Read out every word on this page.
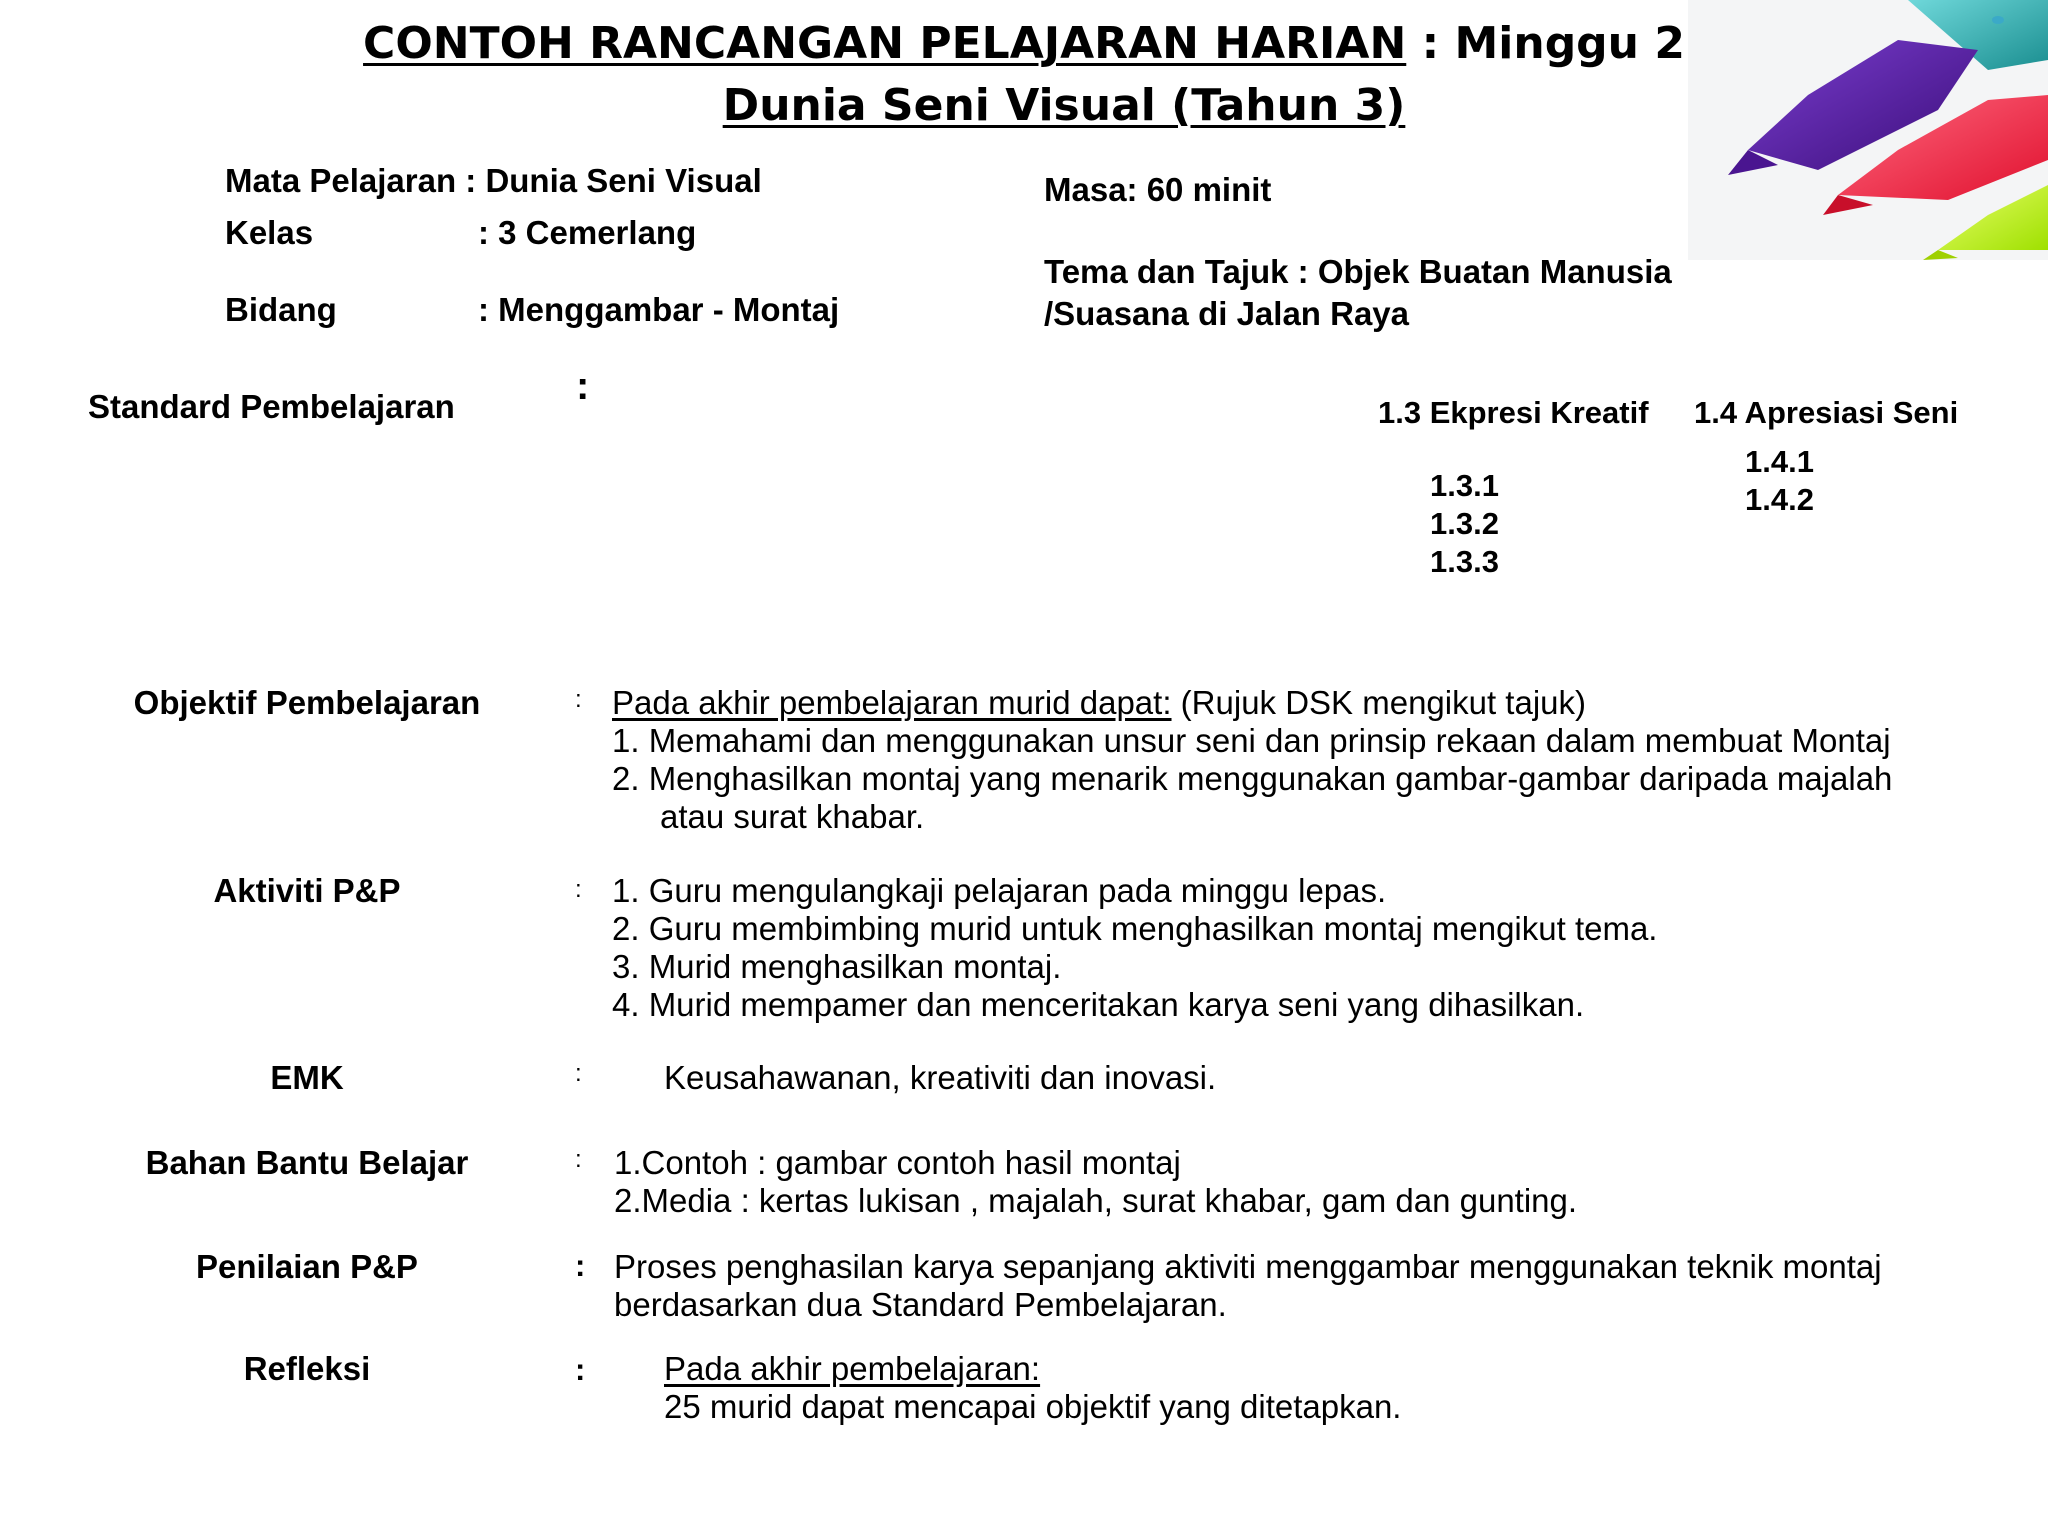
CONTOH RANCANGAN PELAJARAN HARIAN : Minggu 2
Dunia Seni Visual (Tahun 3)
Mata Pelajaran : Dunia Seni Visual
Kelas	: 3 Cemerlang
Bidang	: Menggambar - Montaj
Masa: 60 minit
Tema dan Tajuk : Objek Buatan Manusia
/Suasana di Jalan Raya
Standard Pembelajaran	:
1.3 Ekpresi Kreatif
1.3.1
1.3.2
1.3.3
1.4 Apresiasi Seni
1.4.1
1.4.2
Objektif Pembelajaran	: Pada akhir pembelajaran murid dapat: (Rujuk DSK mengikut tajuk)
1. Memahami dan menggunakan unsur seni dan prinsip rekaan dalam membuat Montaj
2. Menghasilkan montaj yang menarik menggunakan gambar-gambar daripada majalah
atau surat khabar.
Aktiviti P&P	: 1. Guru mengulangkaji pelajaran pada minggu lepas.
2. Guru membimbing murid untuk menghasilkan montaj mengikut tema.
3. Murid menghasilkan montaj.
4. Murid mempamer dan menceritakan karya seni yang dihasilkan.
EMK	: Keusahawanan, kreativiti dan inovasi.
Bahan Bantu Belajar	: 1.Contoh : gambar contoh hasil montaj
2.Media : kertas lukisan , majalah, surat khabar, gam dan gunting.
Penilaian P&P	: Proses penghasilan karya sepanjang aktiviti menggambar menggunakan teknik montaj
berdasarkan dua Standard Pembelajaran.
Refleksi	: Pada akhir pembelajaran:
25 murid dapat mencapai objektif yang ditetapkan.
